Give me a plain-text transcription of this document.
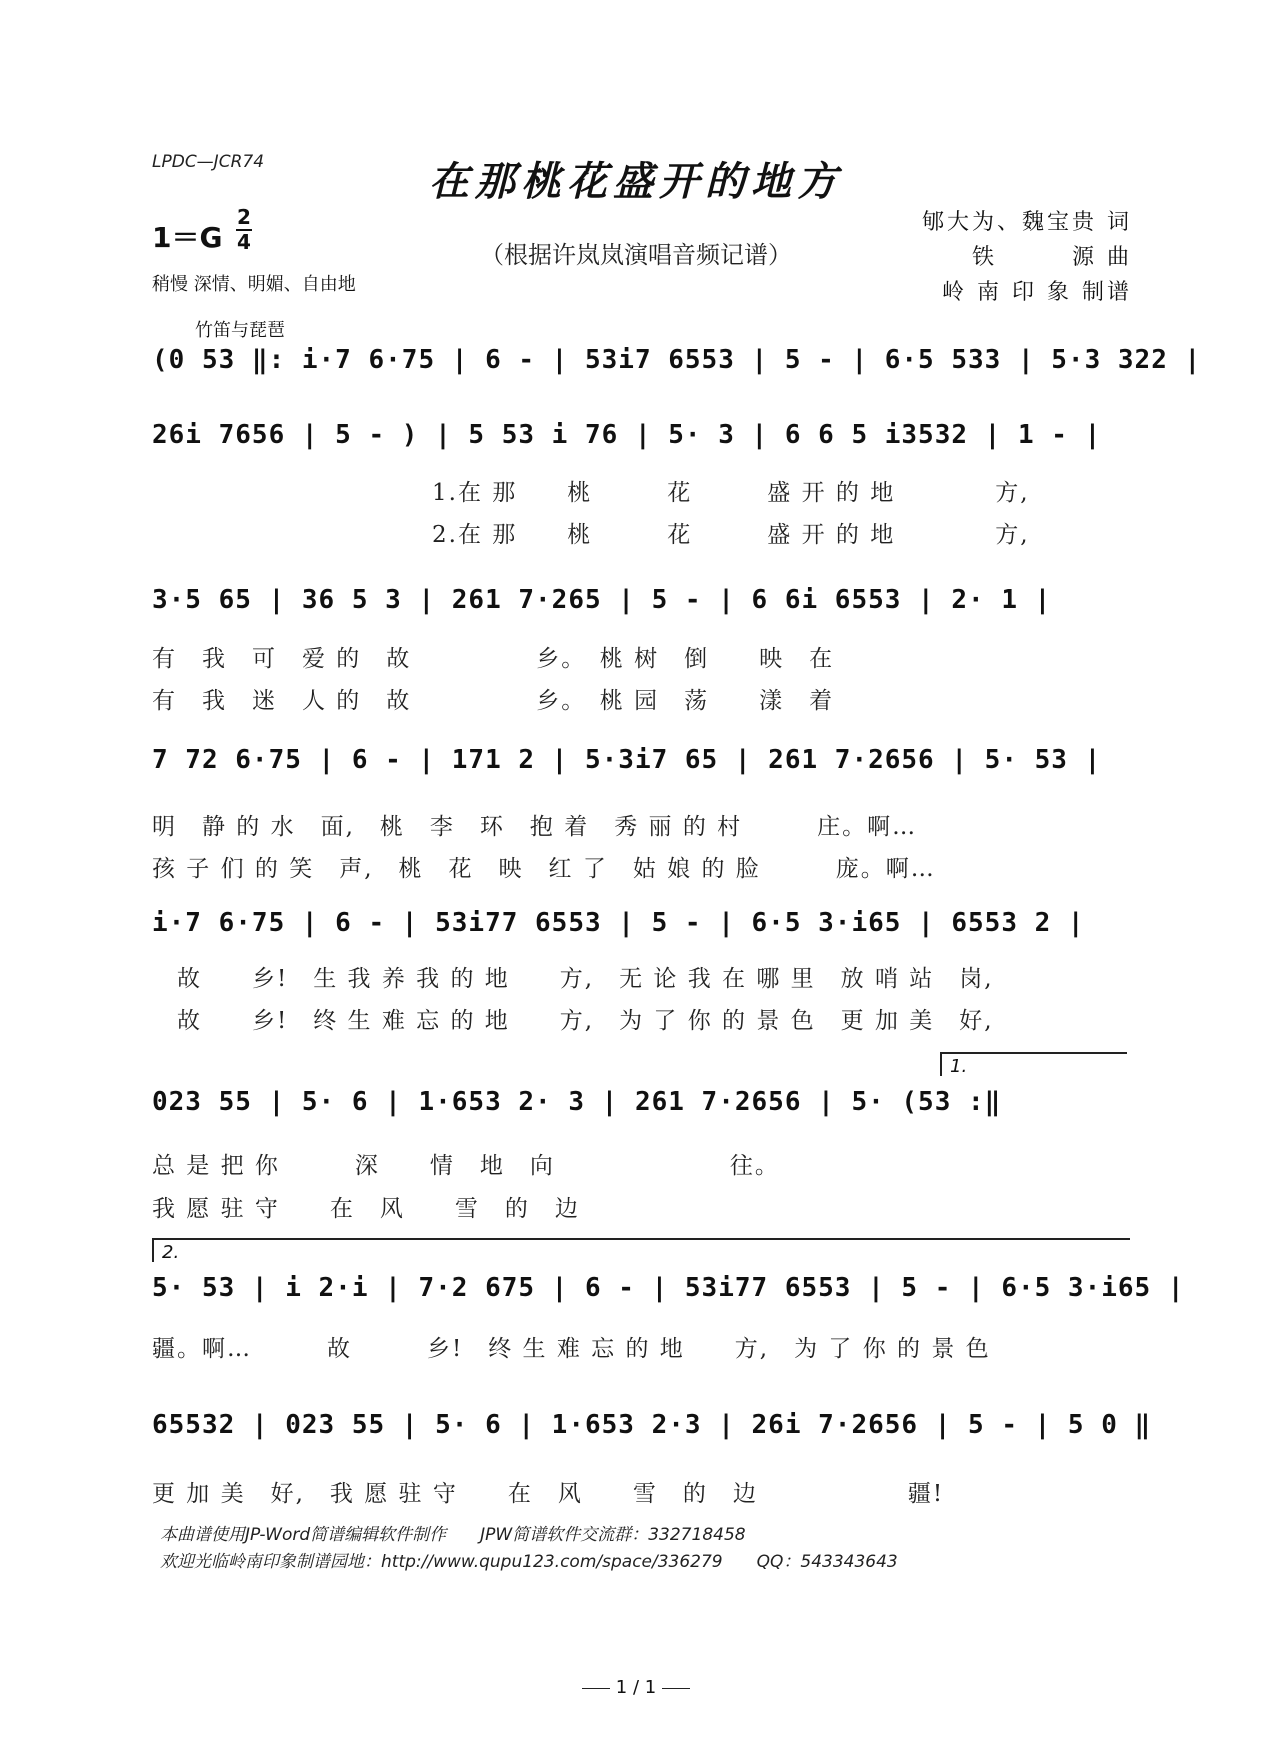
LPDC—JCR74	在那桃花盛开的地方
（根据许岚岚演唱音频记谱）
1＝G
2
4
稍慢 深情、明媚、自由地
郇大为、魏宝贵 词
铁　　　源 曲
岭 南 印 象 制谱
竹笛与琵琶
(0 53 ‖: i·7 6·75 | 6 - | 53i7 6553 | 5 - | 6·5 533 | 5·3 322 |
26i 7656 | 5 - ) | 5 53 i 76 | 5· 3 | 6 6 5 i3532 | 1 - |
1.在 那　　桃　　　花　　　盛 开 的 地　　　　方,
2.在 那　　桃　　　花　　　盛 开 的 地　　　　方,
3·5 65 | 36 5 3 | 261 7·265 | 5 - | 6 6i 6553 | 2· 1 |
有　我　可　爱 的　故　　　　　乡。　桃 树　倒　　映　在
有　我　迷　人 的　故　　　　　乡。　桃 园　荡　　漾　着
7 72 6·75 | 6 - | 171 2 | 5·3i7 65 | 261 7·2656 | 5· 53 |
明　静 的 水　面,　桃　李　环　抱 着　秀 丽 的 村　　　庄。啊…
孩 子 们 的 笑　声,　桃　花　映　红 了　姑 娘 的 脸　　　庞。啊…
i·7 6·75 | 6 - | 53i77 6553 | 5 - | 6·5 3·i65 | 6553 2 |
　故　　乡!　生 我 养 我 的 地　　方,　无 论 我 在 哪 里　放 哨 站　岗,
　故　　乡!　终 生 难 忘 的 地　　方,　为 了 你 的 景 色　更 加 美　好,
1.
023 55 | 5· 6 | 1·653 2· 3 | 261 7·2656 | 5· (53 :‖
总 是 把 你　　　深　　情　地　向　　　　　　　往。
我 愿 驻 守　　在　风　　雪　的　边
2.
5· 53 | i 2·i | 7·2 675 | 6 - | 53i77 6553 | 5 - | 6·5 3·i65 |
疆。啊…　　　故　　　乡!　终 生 难 忘 的 地　　方,　为 了 你 的 景 色
65532 | 023 55 | 5· 6 | 1·653 2·3 | 26i 7·2656 | 5 - | 5 0 ‖
更 加 美　好,　我 愿 驻 守　　在　风　　雪　的　边　　　　　　疆!
本曲谱使用JP-Word简谱编辑软件制作　　JPW简谱软件交流群：332718458
欢迎光临岭南印象制谱园地：http://www.qupu123.com/space/336279　　QQ：543343643
1 / 1
